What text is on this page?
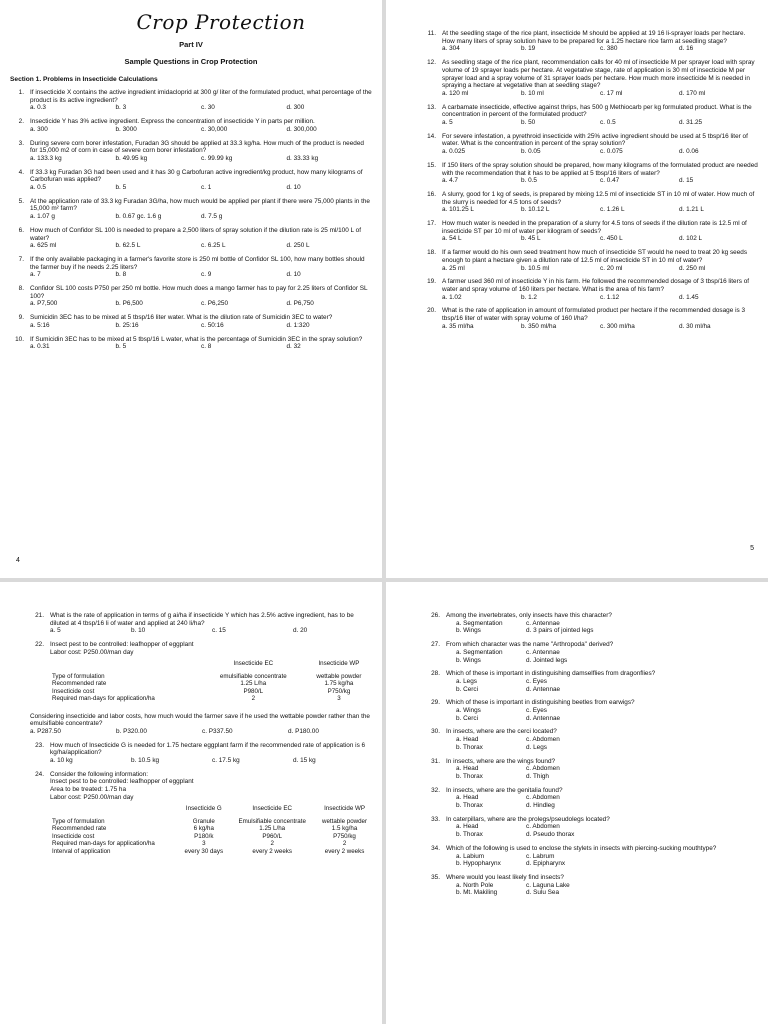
Crop Protection
Part IV
Sample Questions in Crop Protection
Section 1. Problems in Insecticide Calculations
1. If insecticide X contains the active ingredient imidacloprid at 300 g/ liter of the formulated product, what percentage of the product is its active ingredient?
a. 0.3	b. 3	c. 30	d. 300
2. Insecticide Y has 3% active ingredient. Express the concentration of insecticide Y in parts per million.
a. 300	b. 3000	c. 30,000	d. 300,000
3. During severe corn borer infestation, Furadan 3G should be applied at 33.3 kg/ha. How much of the product is needed for 15,000 m2 of corn in case of severe corn borer infestation?
a. 133.3 kg	b. 49.95 kg	c. 99.99 kg	d. 33.33 kg
4. If 33.3 kg Furadan 3G had been used and it has 30 g Carbofuran active ingredient/kg product, how many kilograms of Carbofuran was applied?
a. 0.5	b. 5	c. 1	d. 10
5. At the application rate of 33.3 kg Furadan 3G/ha, how much would be applied per plant if there were 75,000 plants in the 15,000 m² farm?
a. 1.07 g	b. 0.67 gc. 1.6 g	d. 7.5 g
6. How much of Confidor SL 100 is needed to prepare a 2,500 liters of spray solution if the dilution rate is 25 ml/100 L of water?
a. 625 ml	b. 62.5 L	c. 6.25 L	d. 250 L
7. If the only available packaging in a farmer's favorite store is 250 ml bottle of Confidor SL 100, how many bottles should the farmer buy if he needs 2.25 liters?
a. 7	b. 8	c. 9	d. 10
8. Confidor SL 100 costs P750 per 250 ml bottle. How much does a mango farmer has to pay for 2.25 liters of Confidor SL 100?
a. P7,500	b. P6,500	c. P6,250	d. P6,750
9. Sumicidin 3EC has to be mixed at 5 tbsp/16 liter water. What is the dilution rate of Sumicidin 3EC to water?
a. 5:16	b. 25:16	c. 50:16	d. 1:320
10. If Sumicidin 3EC has to be mixed at 5 tbsp/16 L water, what is the percentage of Sumicidin 3EC in the spray solution?
a. 0.31	b. 5	c. 8	d. 32
4
11. At the seedling stage of the rice plant, insecticide M should be applied at 19 16 li-sprayer loads per hectare. How many liters of spray solution have to be prepared for a 1.25 hectare rice farm at seedling stage?
a. 304	b. 19	c. 380	d. 16
12. As seedling stage of the rice plant, recommendation calls for 40 ml of insecticide M per sprayer load with spray volume of 19 sprayer loads per hectare. At vegetative stage, rate of application is 30 ml of insecticide M per sprayer load and a spray volume of 31 sprayer loads per hectare. How much more insecticide M is needed in spraying a hectare at vegetative than at seedling stage?
a. 120 ml	b. 10 ml	c. 17 ml	d. 170 ml
13. A carbamate insecticide, effective against thrips, has 500 g Methiocarb per kg formulated product. What is the concentration in percent of the formulated product?
a. 5	b. 50	c. 0.5	d. 31.25
14. For severe infestation, a pyrethroid insecticide with 25% active ingredient should be used at 5 tbsp/16 liter of water. What is the concentration in percent of the spray solution?
a. 0.025	b. 0.05	c. 0.075	d. 0.06
15. If 150 liters of the spray solution should be prepared, how many kilograms of the formulated product are needed with the recommendation that it has to be applied at 5 tbsp/16 liters of water?
a. 4.7	b. 0.5	c. 0.47	d. 15
16. A slurry, good for 1 kg of seeds, is prepared by mixing 12.5 ml of insecticide ST in 10 ml of water. How much of the slurry is needed for 4.5 tons of seeds?
a. 101.25 L	b. 10.12 L	c. 1.26 L	d. 1.21 L
17. How much water is needed in the preparation of a slurry for 4.5 tons of seeds if the dilution rate is 12.5 ml of insecticide ST per 10 ml of water per kilogram of seeds?
a. 54 L	b. 45 L	c. 450 L	d. 102 L
18. If a farmer would do his own seed treatment how much of insecticide ST would he need to treat 20 kg seeds enough to plant a hectare given a dilution rate of 12.5 ml of insecticide ST in 10 ml of water?
a. 25 ml	b. 10.5 ml	c. 20 ml	d. 250 ml
19. A farmer used 360 ml of insecticide Y in his farm. He followed the recommended dosage of 3 tbsp/16 liters of water and spray volume of 160 liters per hectare. What is the area of his farm?
a. 1.02	b. 1.2	c. 1.12	d. 1.45
20. What is the rate of application in amount of formulated product per hectare if the recommended dosage is 3 tbsp/16 liter of water with spray volume of 160 l/ha?
a. 35 ml/ha	b. 350 ml/ha	c. 300 ml/ha	d. 30 ml/ha
5
21. What is the rate of application in terms of g ai/ha if insecticide Y which has 2.5% active ingredient, has to be diluted at 4 tbsp/16 li of water and applied at 240 li/ha?
a. 5	b. 10	c. 15	d. 20
22. Insect pest to be controlled: leafhopper of eggplant
Labor cost: P250.00/man day
	Insecticide EC	Insecticide WP
Type of formulation	emulsifiable concentrate	wettable powder
Recommended rate	1.25 L/ha	1.75 kg/ha
Insecticide cost	P980/L	P750/kg
Required man-days for application/ha	2	3
Considering insecticide and labor costs, how much would the farmer save if he used the wettable powder rather than the emulsifiable concentrate?
a. P287.50	b. P320.00	c. P337.50	d. P180.00
23. How much of Insecticide G is needed for 1.75 hectare eggplant farm if the recommended rate of application is 6 kg/ha/application?
a. 10 kg	b. 10.5 kg	c. 17.5 kg	d. 15 kg
24. Consider the following information:
Insect pest to be controlled: leafhopper of eggplant
Area to be treated: 1.75 ha
Labor cost: P250.00/man day
	Insecticide G	Insecticide EC	Insecticide WP
Type of formulation	Granule	Emulsifiable concentrate	wettable powder
Recommended rate	6 kg/ha	1.25 L/ha	1.5 kg/ha
Insecticide cost	P180/k	P960/L	P750/kg
Required man-days for application/ha	3	2	2
Interval of application	every 30 days	every 2 weeks	every 2 weeks
26. Among the invertebrates, only insects have this character?
a. Segmentation	c. Antennae
b. Wings	d. 3 pairs of jointed legs
27. From which character was the name "Arthropoda" derived?
a. Segmentation	c. Antennae
b. Wings	d. Jointed legs
28. Which of these is important in distinguishing damselflies from dragonflies?
a. Legs	c. Eyes
b. Cerci	d. Antennae
29. Which of these is important in distinguishing beetles from earwigs?
a. Wings	c. Eyes
b. Cerci	d. Antennae
30. In insects, where are the cerci located?
a. Head	c. Abdomen
b. Thorax	d. Legs
31. In insects, where are the wings found?
a. Head	c. Abdomen
b. Thorax	d. Thigh
32. In insects, where are the genitalia found?
a. Head	c. Abdomen
b. Thorax	d. Hindleg
33. In caterpillars, where are the prolegs/pseudolegs located?
a. Head	c. Abdomen
b. Thorax	d. Pseudo thorax
34. Which of the following is used to enclose the stylets in insects with piercing-sucking mouthtype?
a. Labium	c. Labrum
b. Hypopharynx	d. Epipharynx
35. Where would you least likely find insects?
a. North Pole	c. Laguna Lake
b. Mt. Makiling	d. Sulu Sea
